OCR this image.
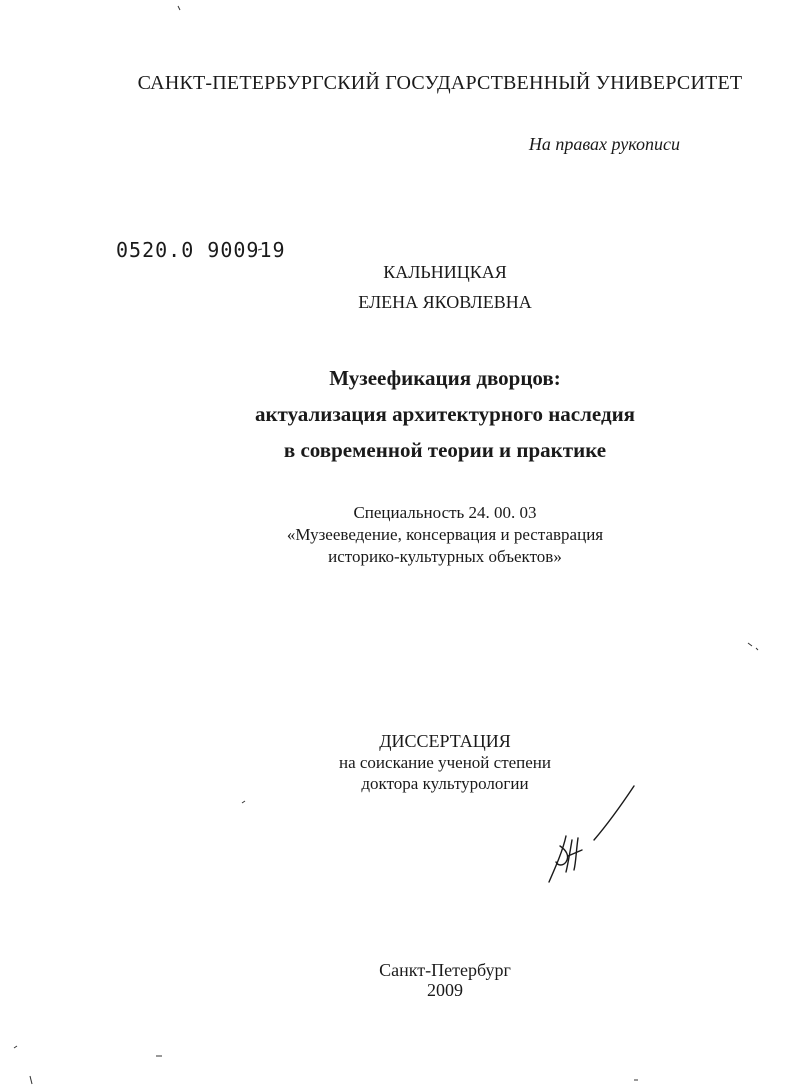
САНКТ-ПЕТЕРБУРГСКИЙ ГОСУДАРСТВЕННЫЙ УНИВЕРСИТЕТ
На правах рукописи
0520.0 900919
КАЛЬНИЦКАЯ
ЕЛЕНА ЯКОВЛЕВНА
Музеефикация дворцов:
актуализация архитектурного наследия
в современной теории и практике
Специальность 24. 00. 03
«Музееведение, консервация и реставрация
историко-культурных объектов»
ДИССЕРТАЦИЯ
на соискание ученой степени
доктора культурологии
Санкт-Петербург
2009
